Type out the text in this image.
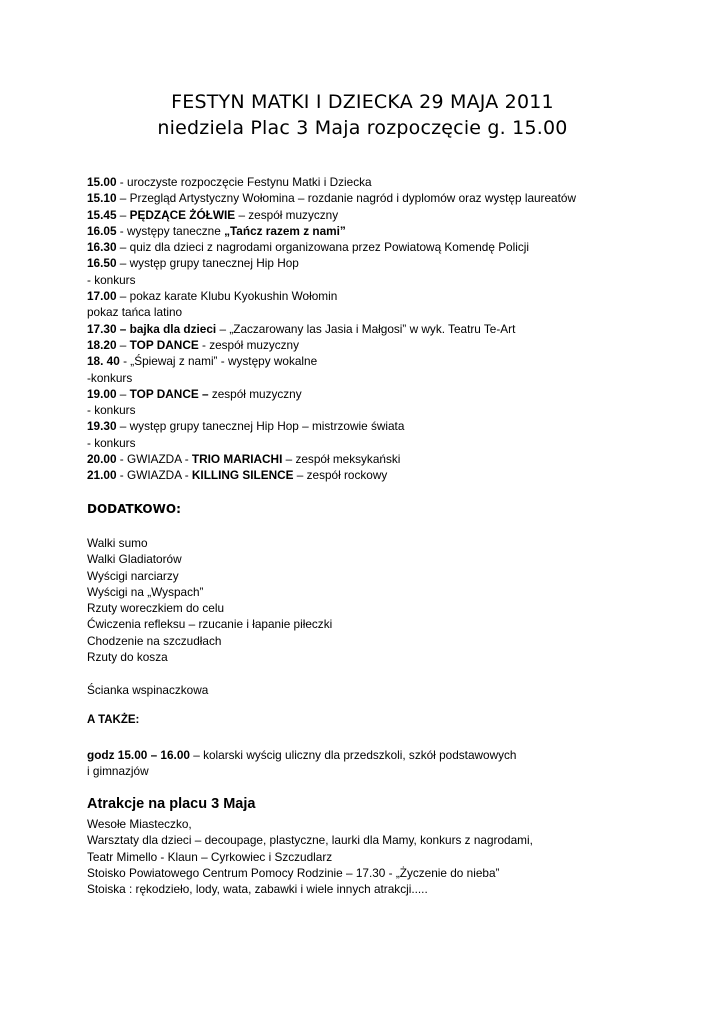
FESTYN MATKI I DZIECKA 29 MAJA 2011
niedziela Plac 3 Maja rozpoczęcie g. 15.00
15.00 - uroczyste rozpoczęcie Festynu Matki i Dziecka
15.10 – Przegląd Artystyczny Wołomina – rozdanie nagród i dyplomów oraz występ laureatów
15.45 – PĘDZĄCE ŻÓŁWIE – zespół muzyczny
16.05 - występy taneczne „Tańcz razem z nami”
16.30 – quiz dla dzieci z nagrodami organizowana przez Powiatową Komendę Policji
16.50 – występ grupy tanecznej Hip Hop
- konkurs
17.00 – pokaz karate Klubu Kyokushin Wołomin
pokaz tańca latino
17.30 – bajka dla dzieci – „Zaczarowany las Jasia i Małgosi” w wyk. Teatru Te-Art
18.20 – TOP DANCE - zespół muzyczny
18. 40 - „Śpiewaj z nami” - występy wokalne
-konkurs
19.00 – TOP DANCE – zespół muzyczny
- konkurs
19.30 – występ grupy tanecznej Hip Hop – mistrzowie świata
- konkurs
20.00 - GWIAZDA - TRIO MARIACHI – zespół meksykański
21.00 - GWIAZDA - KILLING SILENCE – zespół rockowy
DODATKOWO:
Walki sumo
Walki Gladiatorów
Wyścigi narciarzy
Wyścigi na „Wyspach”
Rzuty woreczkiem do celu
Ćwiczenia refleksu – rzucanie i łapanie piłeczki
Chodzenie na szczudłach
Rzuty do kosza
Ścianka wspinaczkowa
A TAKŻE:
godz 15.00 – 16.00 – kolarski wyścig uliczny dla przedszkoli, szkół podstawowych
i gimnazjów
Atrakcje na placu 3 Maja
Wesołe Miasteczko,
Warsztaty dla dzieci – decoupage, plastyczne, laurki dla Mamy, konkurs z nagrodami,
Teatr Mimello - Klaun – Cyrkowiec i Szczudlarz
Stoisko Powiatowego Centrum Pomocy Rodzinie – 17.30 - „Życzenie do nieba”
Stoiska : rękodzieło, lody, wata, zabawki i wiele innych atrakcji.....
